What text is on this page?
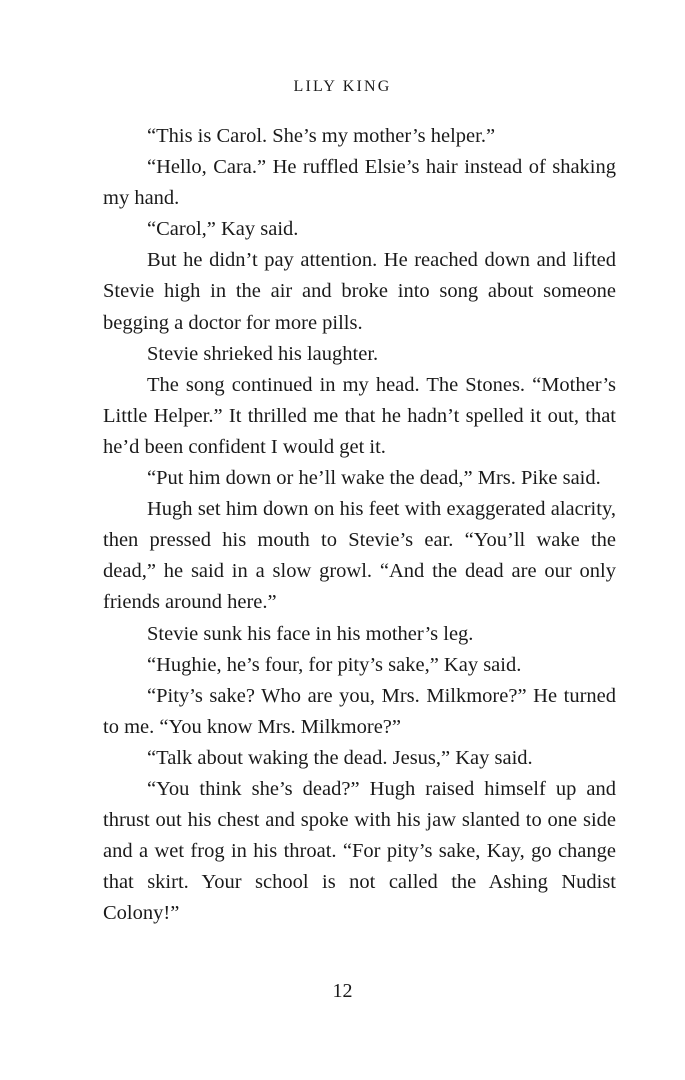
LILY KING

“This is Carol. She’s my mother’s helper.”

“Hello, Cara.” He ruffled Elsie’s hair instead of shaking my hand.

“Carol,” Kay said.

But he didn’t pay attention. He reached down and lifted Stevie high in the air and broke into song about someone begging a doctor for more pills.

Stevie shrieked his laughter.

The song continued in my head. The Stones. “Mother’s Little Helper.” It thrilled me that he hadn’t spelled it out, that he’d been confident I would get it.

“Put him down or he’ll wake the dead,” Mrs. Pike said.

Hugh set him down on his feet with exaggerated alacrity, then pressed his mouth to Stevie’s ear. “You’ll wake the dead,” he said in a slow growl. “And the dead are our only friends around here.”

Stevie sunk his face in his mother’s leg.

“Hughie, he’s four, for pity’s sake,” Kay said.

“Pity’s sake? Who are you, Mrs. Milkmore?” He turned to me. “You know Mrs. Milkmore?”

“Talk about waking the dead. Jesus,” Kay said.

“You think she’s dead?” Hugh raised himself up and thrust out his chest and spoke with his jaw slanted to one side and a wet frog in his throat. “For pity’s sake, Kay, go change that skirt. Your school is not called the Ashing Nudist Colony!”

12
